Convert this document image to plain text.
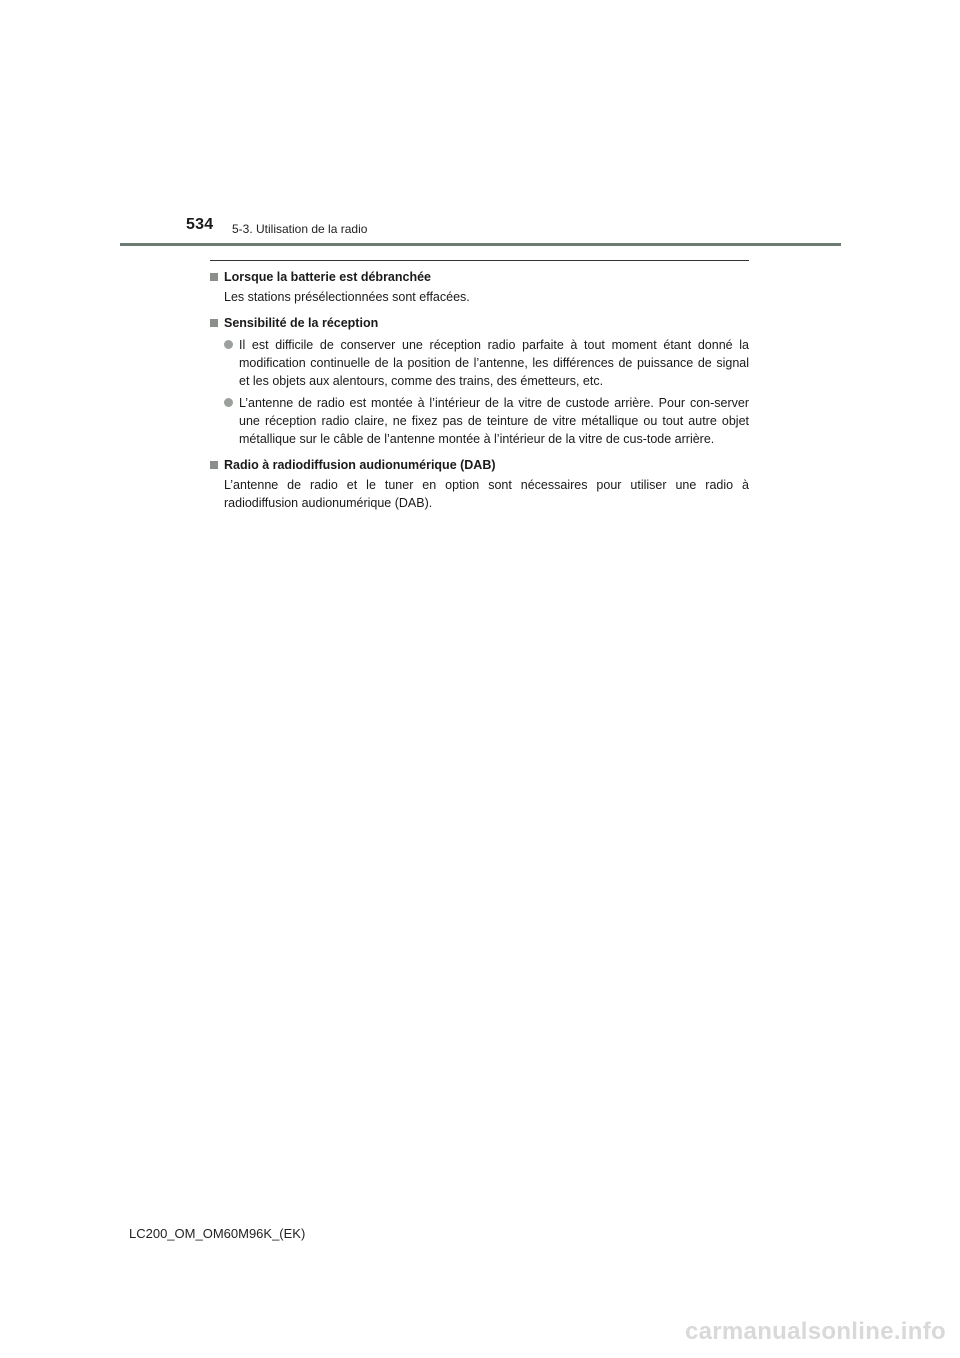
534 5-3. Utilisation de la radio

Lorsque la batterie est débranchée

Les stations présélectionnées sont effacées.

Sensibilité de la réception

Il est difficile de conserver une réception radio parfaite à tout moment étant donné la modification continuelle de la position de l’antenne, les différences de puissance de signal et les objets aux alentours, comme des trains, des émetteurs, etc.
L’antenne de radio est montée à l’intérieur de la vitre de custode arrière. Pour con-server une réception radio claire, ne fixez pas de teinture de vitre métallique ou tout autre objet métallique sur le câble de l’antenne montée à l’intérieur de la vitre de cus-tode arrière.

Radio à radiodiffusion audionumérique (DAB)

L’antenne de radio et le tuner en option sont nécessaires pour utiliser une radio à radiodiffusion audionumérique (DAB).

LC200_OM_OM60M96K_(EK)
carmanualsonline.info
